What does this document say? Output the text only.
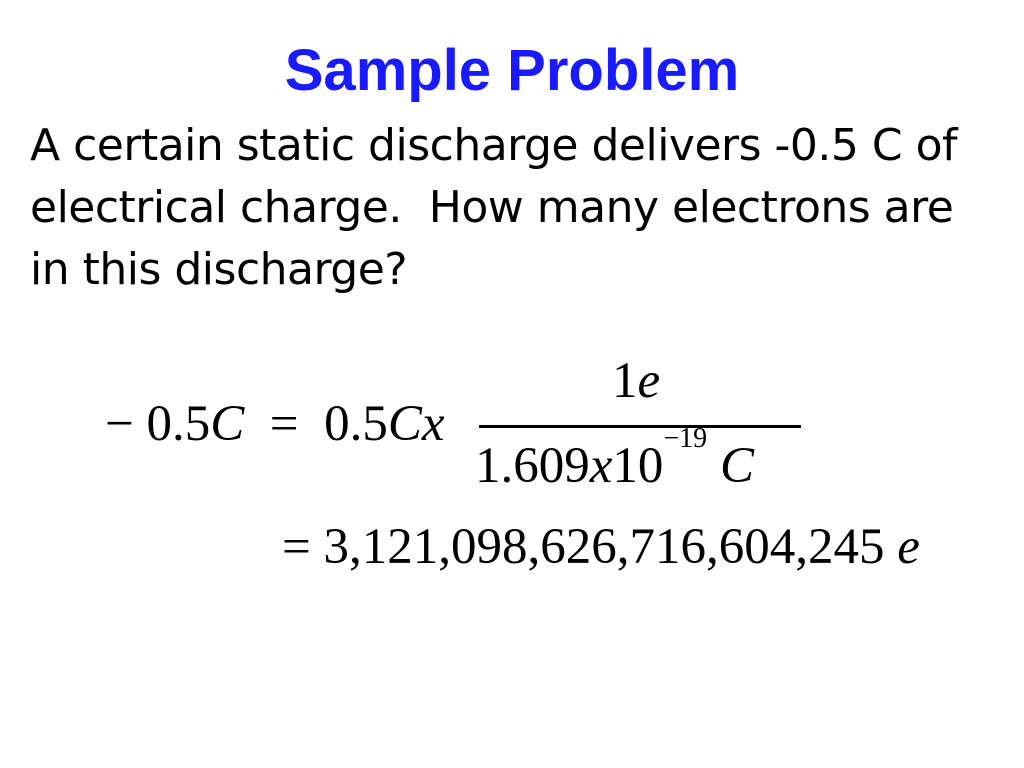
Sample Problem
A certain static discharge delivers -0.5 C of
electrical charge.  How many electrons are
in this discharge?
− 0.5C = 0.5Cx
1e
$1.609x10^{-19}$ C
= 3,121,098,626,716,604,245 e
